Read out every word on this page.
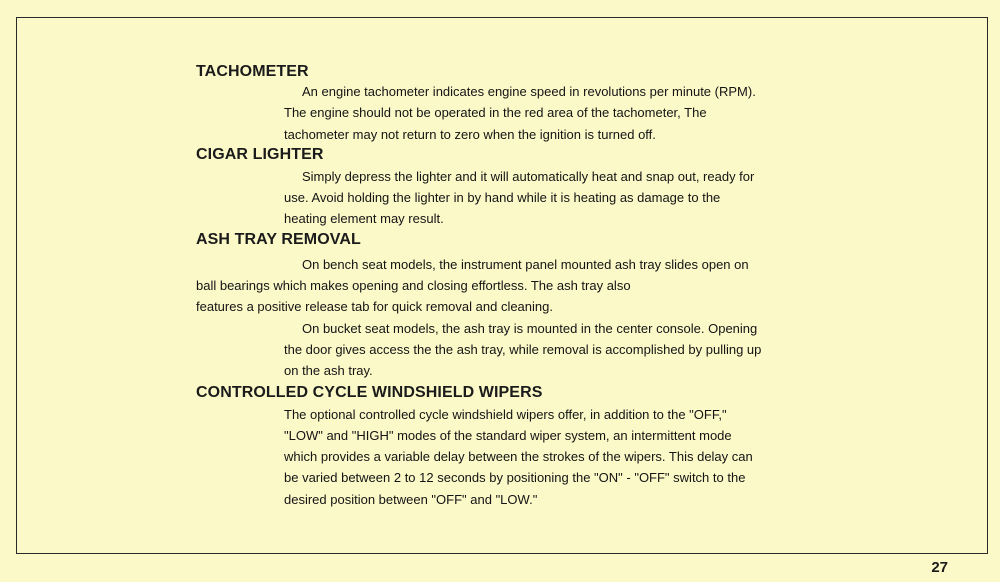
TACHOMETER
An engine tachometer indicates engine speed in revolutions per minute (RPM).
The engine should not be operated in the red area of the tachometer, The
tachometer may not return to zero when the ignition is turned off.
CIGAR LIGHTER
Simply depress the lighter and it will automatically heat and snap out, ready for
use. Avoid holding the lighter in by hand while it is heating as damage to the
heating element may result.
ASH TRAY REMOVAL
On bench seat models, the instrument panel mounted ash tray slides open on
ball bearings which makes opening and closing effortless. The ash tray also
features a positive release tab for quick removal and cleaning.
On bucket seat models, the ash tray is mounted in the center console. Opening
the door gives access the the ash tray, while removal is accomplished by pulling up
on the ash tray.
CONTROLLED CYCLE WINDSHIELD WIPERS
The optional controlled cycle windshield wipers offer, in addition to the "OFF,"
"LOW" and "HIGH" modes of the standard wiper system, an intermittent mode
which provides a variable delay between the strokes of the wipers. This delay can
be varied between 2 to 12 seconds by positioning the "ON" - "OFF" switch to the
desired position between "OFF" and "LOW."
27
